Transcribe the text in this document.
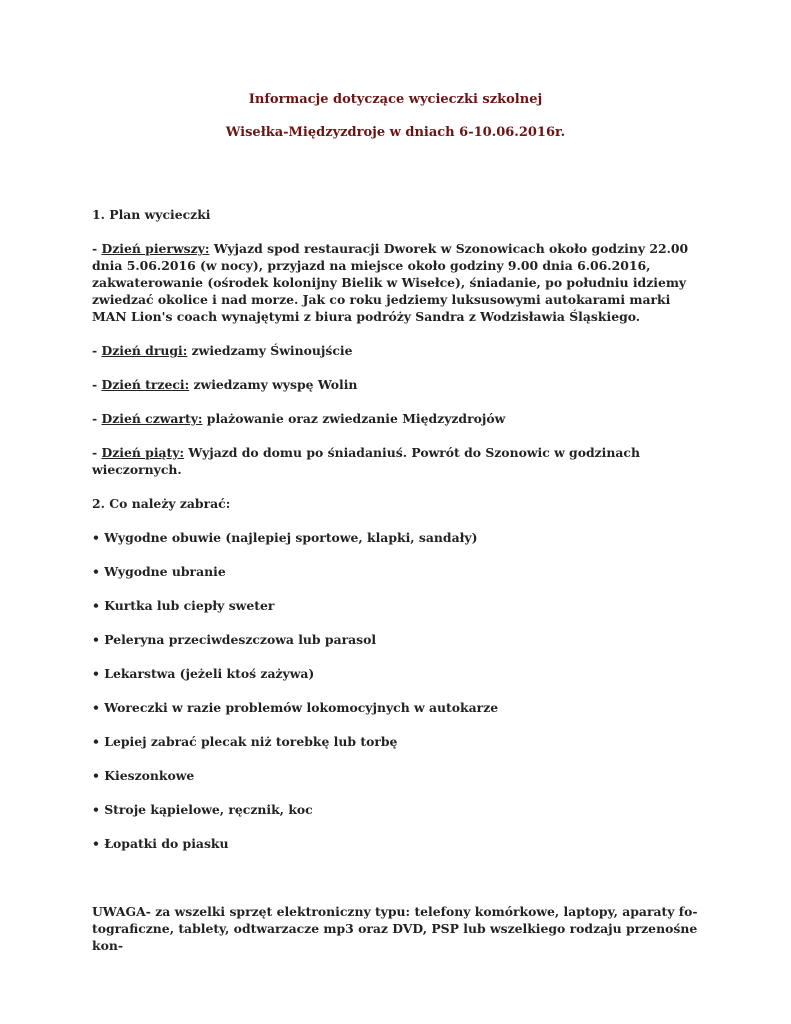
Informacje dotyczące wycieczki szkolnej

Wisełka-Międzyzdroje w dniach 6-10.06.2016r.

1. Plan wycieczki

- Dzień pierwszy: Wyjazd spod restauracji Dworek w Szonowicach około godziny 22.00 dnia 5.06.2016 (w nocy), przyjazd na miejsce około godziny 9.00 dnia 6.06.2016, zakwaterowanie (ośrodek kolonijny Bielik w Wisełce), śniadanie, po południu idziemy zwiedzać okolice i nad morze. Jak co roku jedziemy luksusowymi autokarami marki MAN Lion's coach wynajętymi z biura podróży Sandra z Wodzisławia Śląskiego.

- Dzień drugi: zwiedzamy Świnoujście

- Dzień trzeci: zwiedzamy wyspę Wolin

- Dzień czwarty: plażowanie oraz zwiedzanie Międzyzdrojów

- Dzień piąty: Wyjazd do domu po śniadaniuś. Powrót do Szonowic w godzinach wieczornych.

2. Co należy zabrać:

• Wygodne obuwie (najlepiej sportowe, klapki, sandały)

• Wygodne ubranie

• Kurtka lub ciepły sweter

• Peleryna przeciwdeszczowa lub parasol

• Lekarstwa (jeżeli ktoś zażywa)

• Woreczki w razie problemów lokomocyjnych w autokarze

• Lepiej zabrać plecak niż torebkę lub torbę

• Kieszonkowe

• Stroje kąpielowe, ręcznik, koc

• Łopatki do piasku

UWAGA- za wszelki sprzęt elektroniczny typu: telefony komórkowe, laptopy, aparaty fo- tograficzne, tablety, odtwarzacze mp3 oraz DVD, PSP lub wszelkiego rodzaju przenośne kon-
